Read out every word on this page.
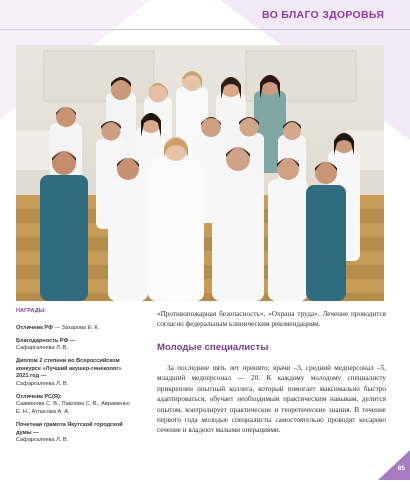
ВО БЛАГО ЗДОРОВЬЯ
НАГРАДЫ:
Отличник РФ — Захарова Е. К.
Благодарность РФ —
Сафаргалеева Л. В.
Диплом 2 степени во Всероссийском конкурсе «Лучший акушер-гинеколог» 2021 год —
Сафаргалеева Л. В.
Отличник РС(Я):
Саввинова С. В., Павлова С. В., Авраменко Е. Н., Атласова А. А.
Почетная грамота Якутской городской думы —
Сафаргалеева Л. В.

«Противопожарная безопасность», «Охрана труда». Лечение проводится согласно федеральным клиническим рекомендациям.

Молодые специалисты

За последние пять лет принято: врачи –3, средний медперсонал –5, младший медперсонал — 20. К каждому молодому специалисту прикреплен опытный коллега, который помогает максимально быстро адаптироваться, обучает необходимым практическим навыкам, делится опытом, контролирует практические и теоретические знания. В течение первого года молодые специалисты самостоятельно проводят кесарево сечение и владеют малыми операциями.

85
